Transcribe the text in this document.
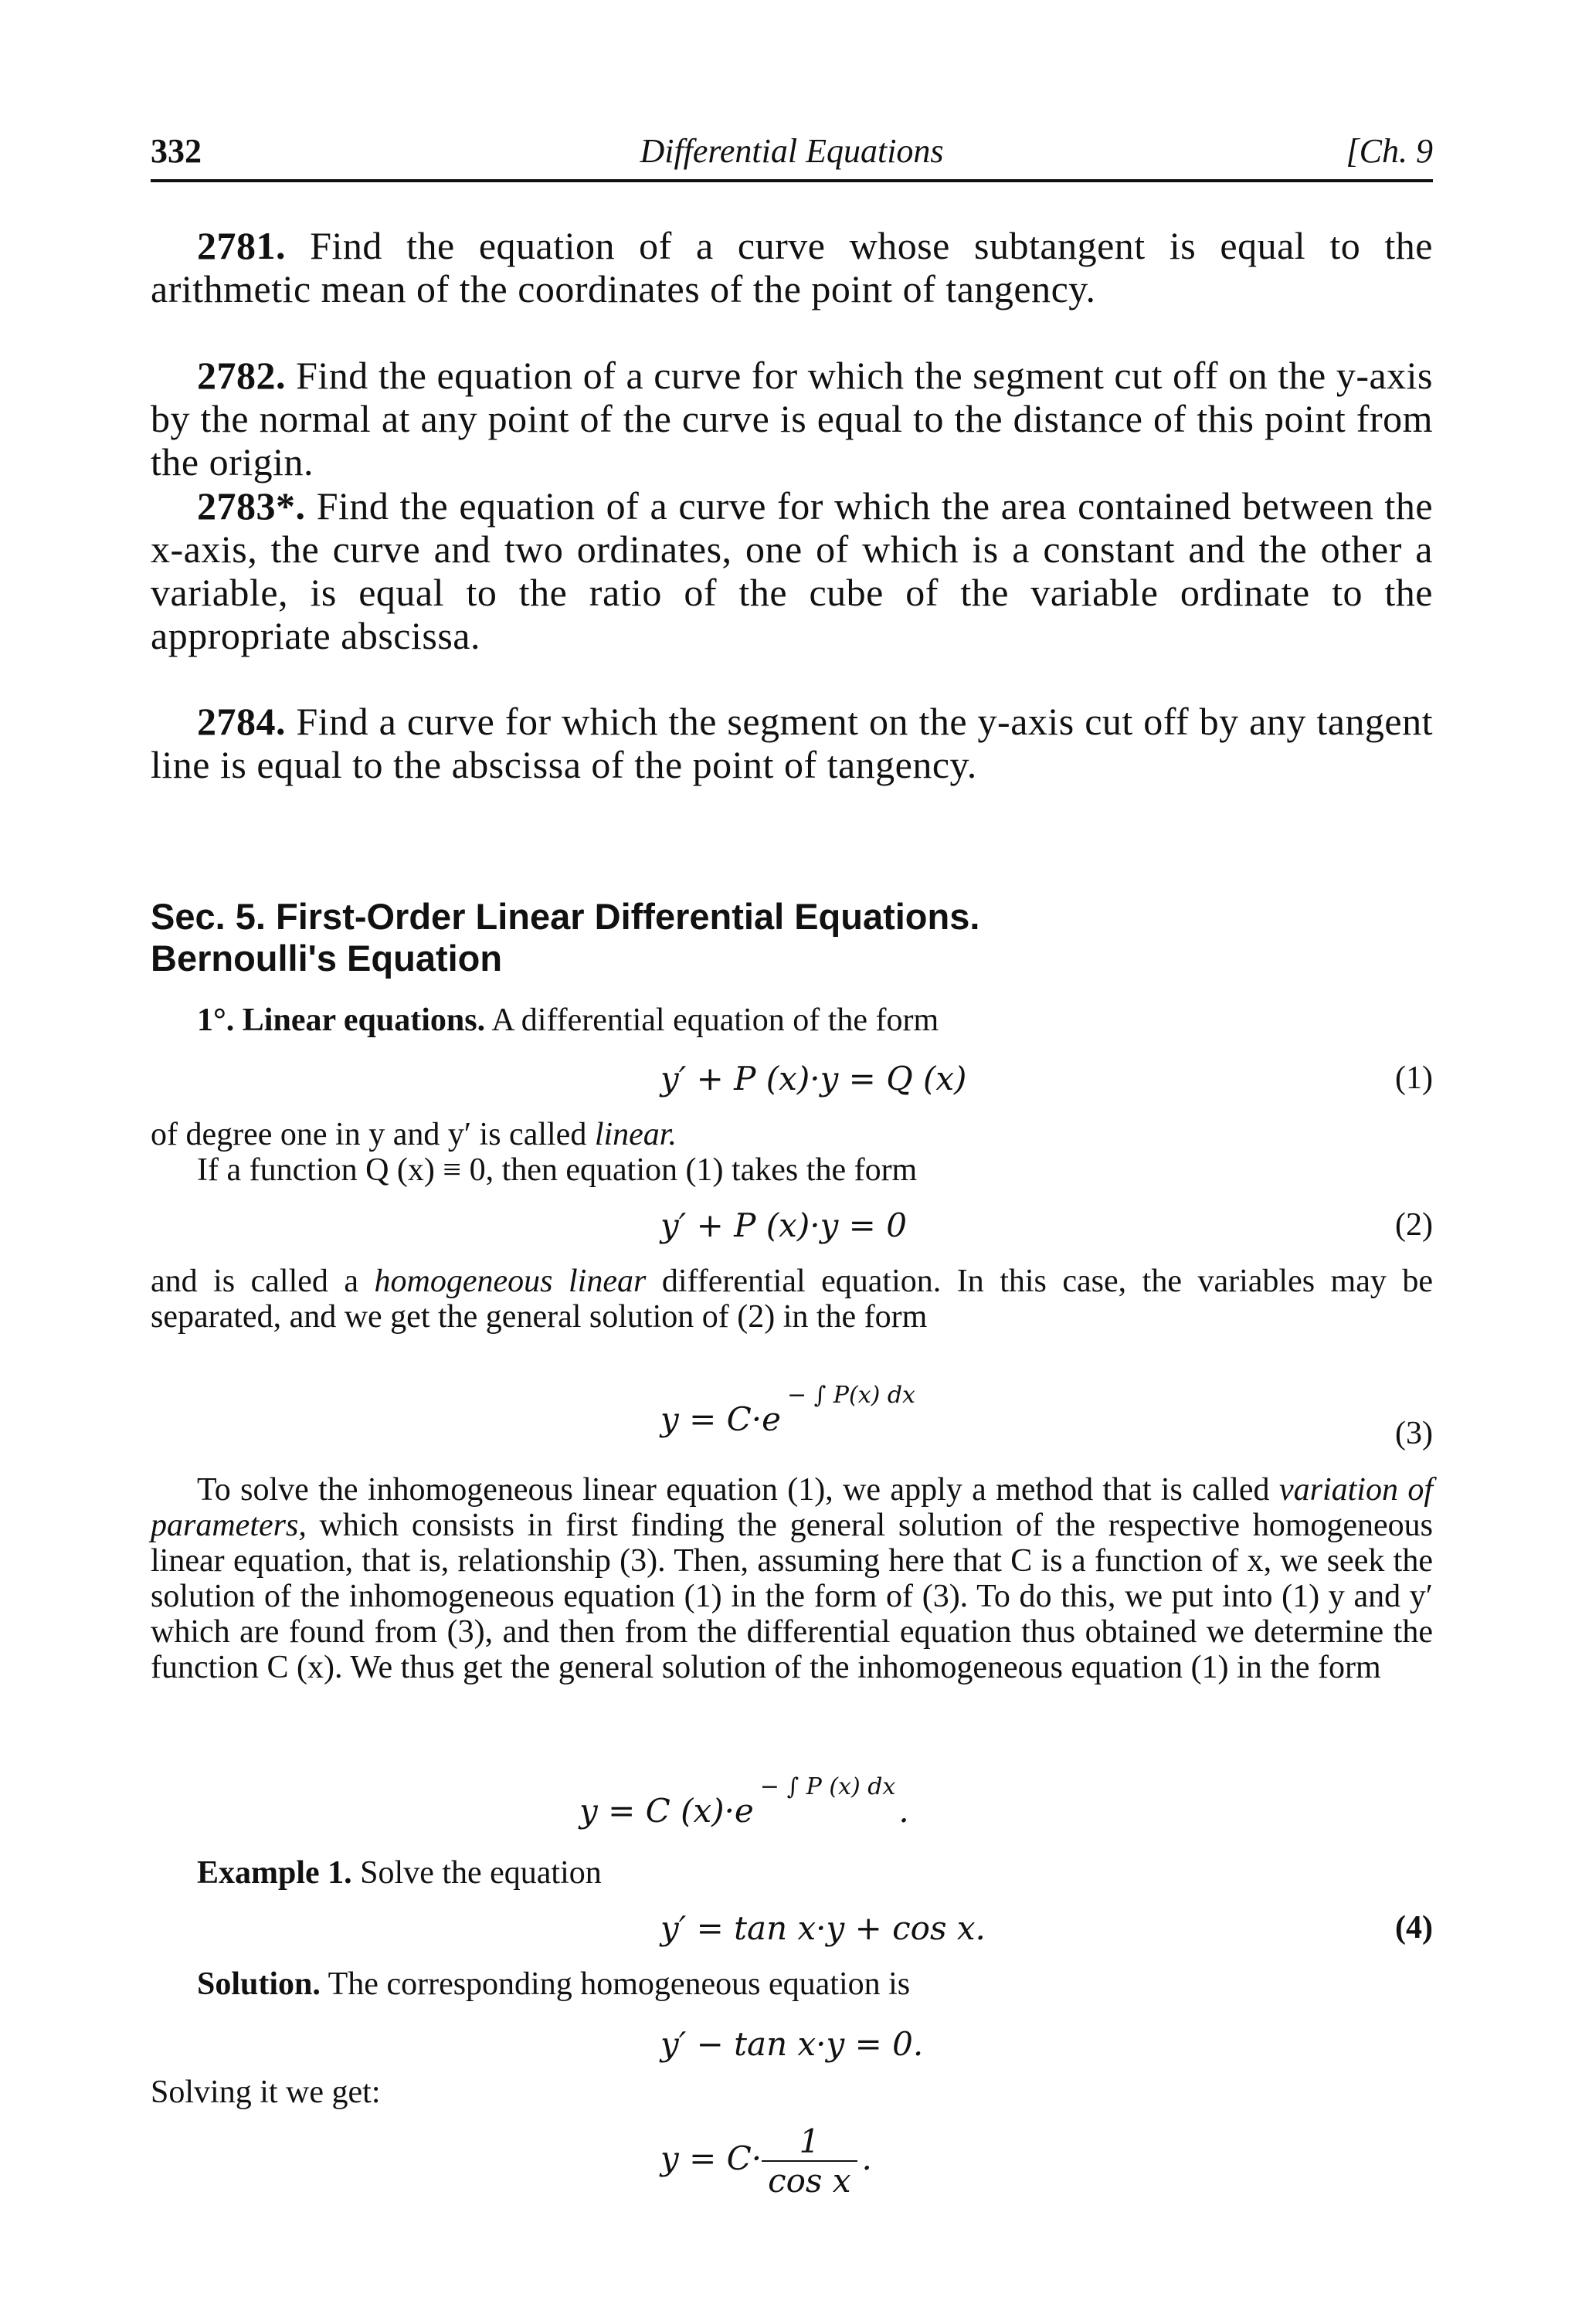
332	Differential Equations	[Ch. 9
2781. Find the equation of a curve whose subtangent is equal to the arithmetic mean of the coordinates of the point of tangency.
2782. Find the equation of a curve for which the segment cut off on the y-axis by the normal at any point of the curve is equal to the distance of this point from the origin.
2783*. Find the equation of a curve for which the area contained between the x-axis, the curve and two ordinates, one of which is a constant and the other a variable, is equal to the ratio of the cube of the variable ordinate to the appropriate abscissa.
2784. Find a curve for which the segment on the y-axis cut off by any tangent line is equal to the abscissa of the point of tangency.
Sec. 5. First-Order Linear Differential Equations.
Bernoulli's Equation
1°. Linear equations. A differential equation of the form
y′ + P (x)·y = Q (x)	(1)
of degree one in y and y′ is called linear.
If a function Q (x) ≡ 0, then equation (1) takes the form
y′ + P (x)·y = 0	(2)
and is called a homogeneous linear differential equation. In this case, the variables may be separated, and we get the general solution of (2) in the form
y = C·e− ∫ P(x) dx
(3)
To solve the inhomogeneous linear equation (1), we apply a method that is called variation of parameters, which consists in first finding the general solution of the respective homogeneous linear equation, that is, relationship (3). Then, assuming here that C is a function of x, we seek the solution of the inhomogeneous equation (1) in the form of (3). To do this, we put into (1) y and y′ which are found from (3), and then from the differential equation thus obtained we determine the function C (x). We thus get the general solution of the inhomogeneous equation (1) in the form
y = C (x)·e− ∫ P (x) dx.
Example 1. Solve the equation
y′ = tan x·y + cos x.	(4)
Solution. The corresponding homogeneous equation is
y′ − tan x·y = 0.
Solving it we get:
$y = C\cdot \frac{1}{\text{cos x}}$ .
